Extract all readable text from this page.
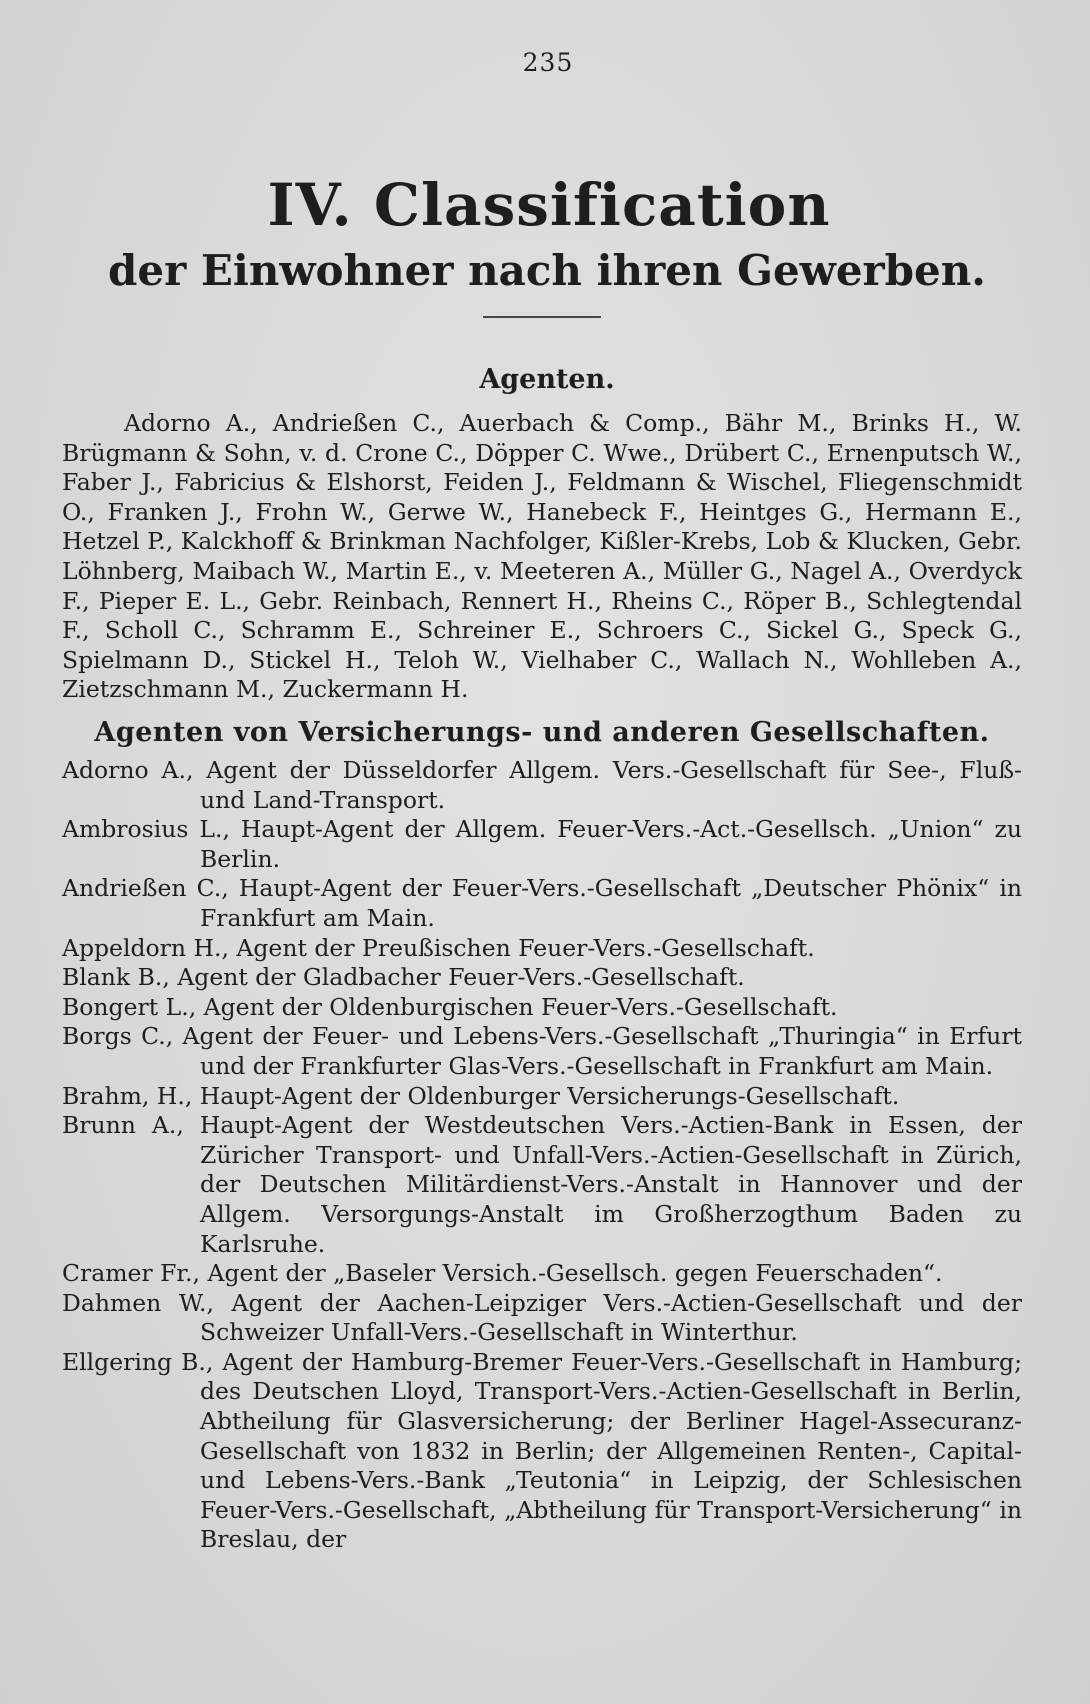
235
IV. Classification
der Einwohner nach ihren Gewerben.
Agenten.

Adorno A., Andrießen C., Auerbach & Comp., Bähr M., Brinks H., W. Brügmann & Sohn, v. d. Crone C., Döpper C. Wwe., Drübert C., Ernenputsch W., Faber J., Fabricius & Elshorst, Feiden J., Feldmann & Wischel, Fliegenschmidt O., Franken J., Frohn W., Gerwe W., Hanebeck F., Heintges G., Hermann E., Hetzel P., Kalckhoff & Brinkman Nachfolger, Kißler-Krebs, Lob & Klucken, Gebr. Löhnberg, Maibach W., Martin E., v. Meeteren A., Müller G., Nagel A., Overdyck F., Pieper E. L., Gebr. Reinbach, Rennert H., Rheins C., Röper B., Schlegtendal F., Scholl C., Schramm E., Schreiner E., Schroers C., Sickel G., Speck G., Spielmann D., Stickel H., Teloh W., Vielhaber C., Wallach N., Wohlleben A., Zietzschmann M., Zuckermann H.

Agenten von Versicherungs- und anderen Gesellschaften.
Adorno A., Agent der Düsseldorfer Allgem. Vers.-Gesellschaft für See-, Fluß- und Land-Transport.
Ambrosius L., Haupt-Agent der Allgem. Feuer-Vers.-Act.-Gesellsch. „Union“ zu Berlin.
Andrießen C., Haupt-Agent der Feuer-Vers.-Gesellschaft „Deutscher Phönix“ in Frankfurt am Main.
Appeldorn H., Agent der Preußischen Feuer-Vers.-Gesellschaft.
Blank B., Agent der Gladbacher Feuer-Vers.-Gesellschaft.
Bongert L., Agent der Oldenburgischen Feuer-Vers.-Gesellschaft.
Borgs C., Agent der Feuer- und Lebens-Vers.-Gesellschaft „Thuringia“ in Erfurt und der Frankfurter Glas-Vers.-Gesellschaft in Frankfurt am Main.
Brahm, H., Haupt-Agent der Oldenburger Versicherungs-Gesellschaft.
Brunn A., Haupt-Agent der Westdeutschen Vers.-Actien-Bank in Essen, der Züricher Transport- und Unfall-Vers.-Actien-Gesellschaft in Zürich, der Deutschen Militärdienst-Vers.-Anstalt in Hannover und der Allgem. Versorgungs-Anstalt im Großherzogthum Baden zu Karlsruhe.
Cramer Fr., Agent der „Baseler Versich.-Gesellsch. gegen Feuerschaden“.
Dahmen W., Agent der Aachen-Leipziger Vers.-Actien-Gesellschaft und der Schweizer Unfall-Vers.-Gesellschaft in Winterthur.
Ellgering B., Agent der Hamburg-Bremer Feuer-Vers.-Gesellschaft in Hamburg; des Deutschen Lloyd, Transport-Vers.-Actien-Gesellschaft in Berlin, Abtheilung für Glasversicherung; der Berliner Hagel-Assecuranz-Gesellschaft von 1832 in Berlin; der Allgemeinen Renten-, Capital- und Lebens-Vers.-Bank „Teutonia“ in Leipzig, der Schlesischen Feuer-Vers.-Gesellschaft, „Abtheilung für Transport-Versicherung“ in Breslau, der
